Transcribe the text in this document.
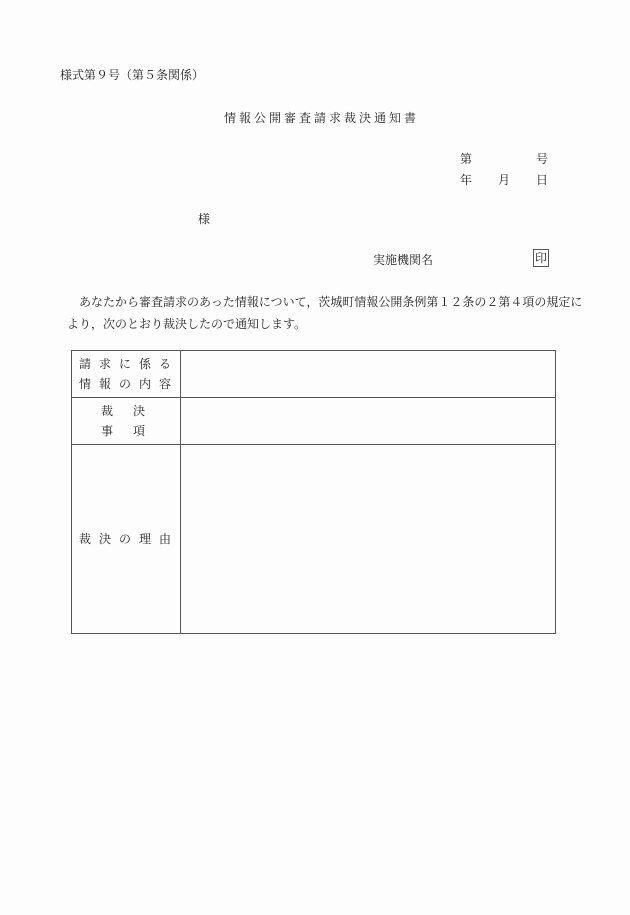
様式第９号（第５条関係）
情報公開審査請求裁決通知書
第	号
年 月 日
様
実施機関名	印
　あなたから審査請求のあった情報について，茨城町情報公開条例第１２条の２第４項の規定により，次のとおり裁決したので通知します。
請求に係る
情報の内容	

裁決事項	

裁決の理由	
